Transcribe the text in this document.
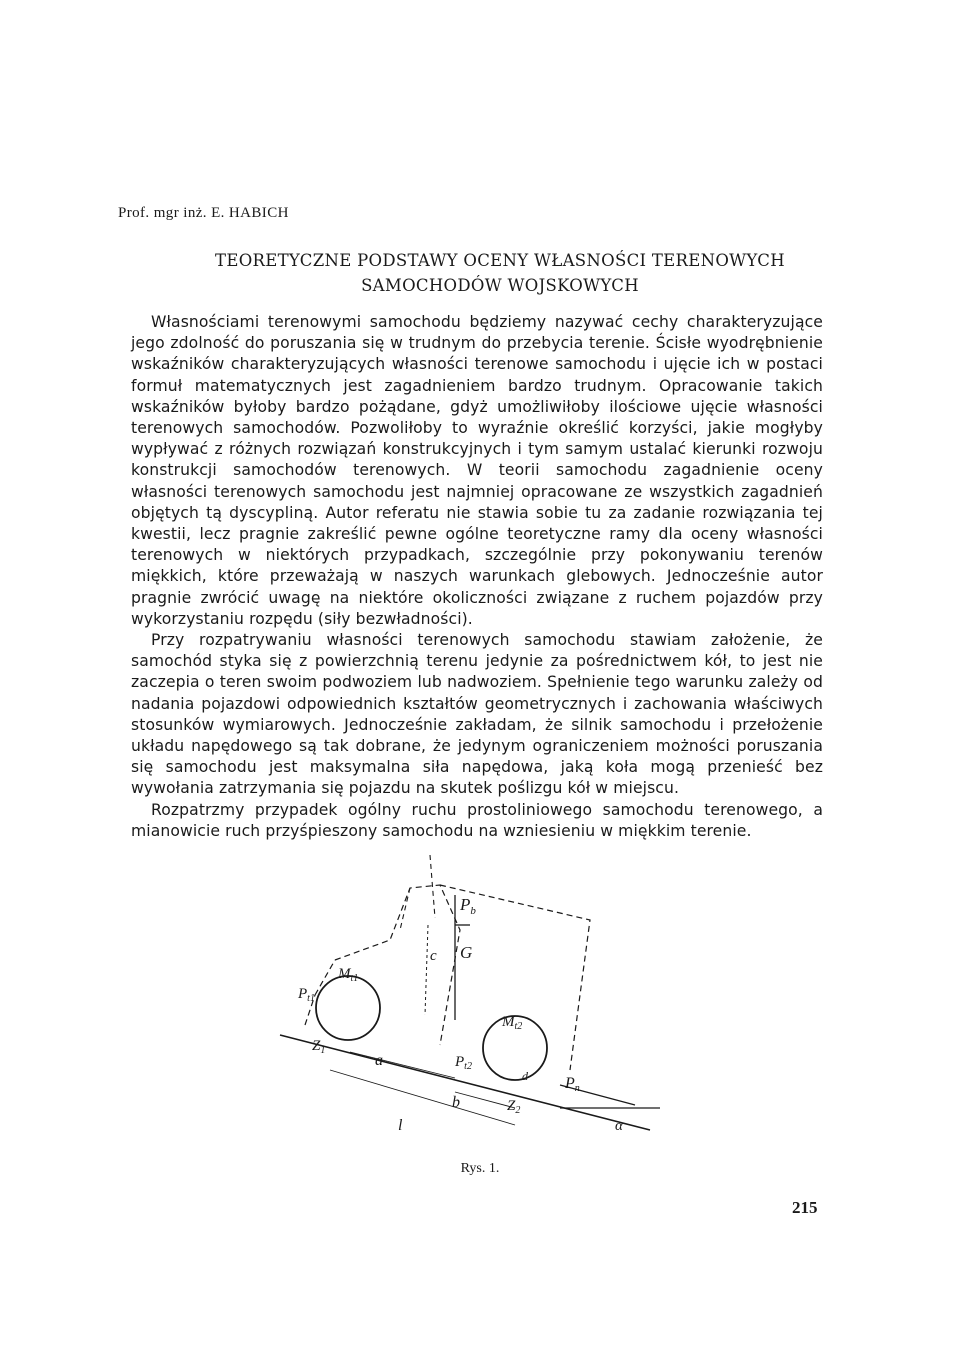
Prof. mgr inż. E. HABICH
TEORETYCZNE PODSTAWY OCENY WŁASNOŚCI TERENOWYCH
SAMOCHODÓW WOJSKOWYCH

Własnościami terenowymi samochodu będziemy nazywać cechy charakteryzujące jego zdolność do poruszania się w trudnym do przebycia terenie. Ścisłe wyodrębnienie wskaźników charakteryzujących własności terenowe samochodu i ujęcie ich w postaci formuł matematycznych jest zagadnieniem bardzo trudnym. Opracowanie takich wskaźników byłoby bardzo pożądane, gdyż umożliwiłoby ilościowe ujęcie własności terenowych samochodów. Pozwoliłoby to wyraźnie określić korzyści, jakie mogłyby wypływać z różnych rozwiązań konstrukcyjnych i tym samym ustalać kierunki rozwoju konstrukcji samochodów terenowych. W teorii samochodu zagadnienie oceny własności terenowych samochodu jest najmniej opracowane ze wszystkich zagadnień objętych tą dyscypliną. Autor referatu nie stawia sobie tu za zadanie rozwiązania tej kwestii, lecz pragnie zakreślić pewne ogólne teoretyczne ramy dla oceny własności terenowych w niektórych przypadkach, szczególnie przy pokonywaniu terenów miękkich, które przeważają w naszych warunkach glebowych. Jednocześnie autor pragnie zwrócić uwagę na niektóre okoliczności związane z ruchem pojazdów przy wykorzystaniu rozpędu (siły bezwładności).

Przy rozpatrywaniu własności terenowych samochodu stawiam założenie, że samochód styka się z powierzchnią terenu jedynie za pośrednictwem kół, to jest nie zaczepia o teren swoim podwoziem lub nadwoziem. Spełnienie tego warunku zależy od nadania pojazdowi odpowiednich kształtów geometrycznych i zachowania właściwych stosunków wymiarowych. Jednocześnie zakładam, że silnik samochodu i przełożenie układu napędowego są tak dobrane, że jedynym ograniczeniem możności poruszania się samochodu jest maksymalna siła napędowa, jaką koła mogą przenieść bez wywołania zatrzymania się pojazdu na skutek poślizgu kół w miejscu.

Rozpatrzmy przypadek ogólny ruchu prostoliniowego samochodu terenowego, a mianowicie ruch przyśpieszony samochodu na wzniesieniu w miękkim terenie.

$P_b$
G
c
$M_{t1}$
$M_{t2}$
$P_{t1}$
$P_{t2}$
$Z_1$
$Z_2$
a
b
l
d Pn
α
Rys. 1.
215
